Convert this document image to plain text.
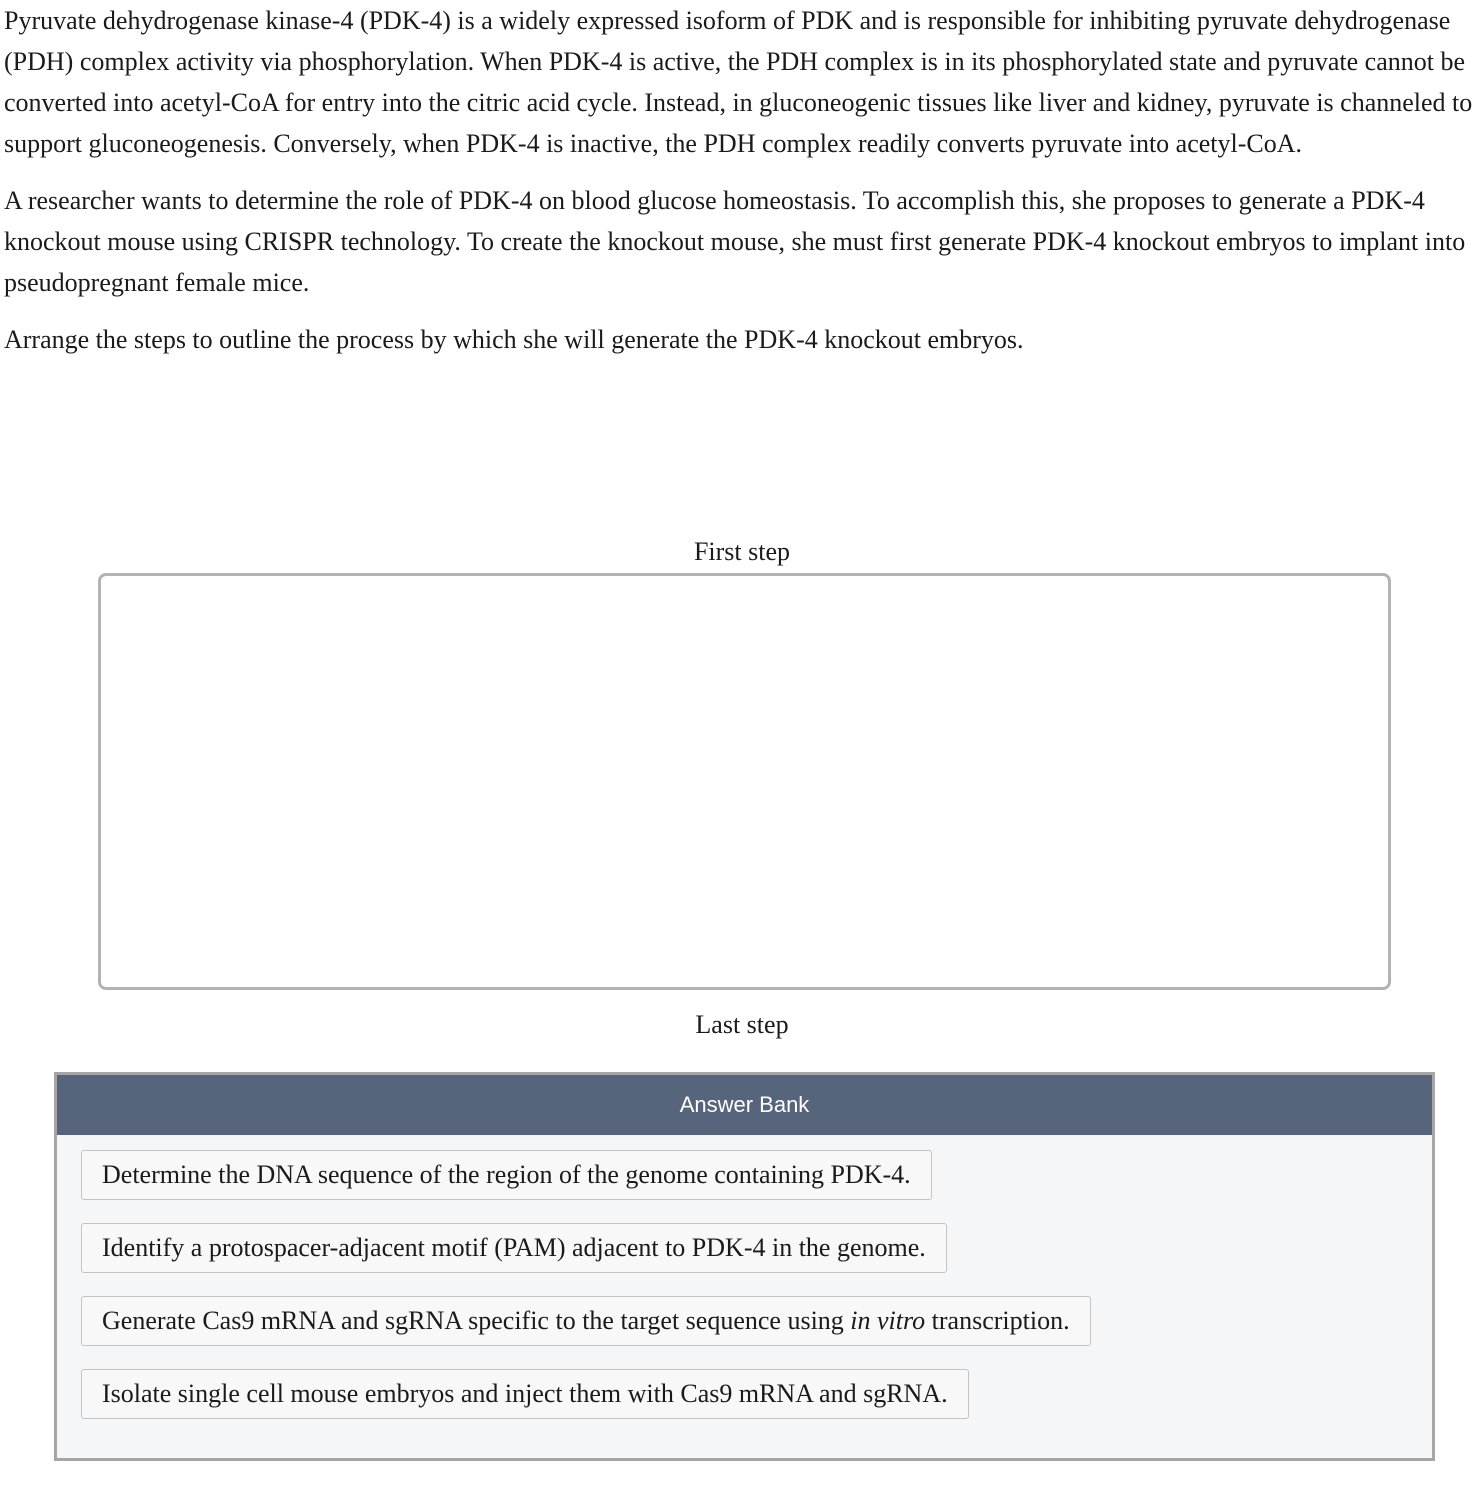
Pyruvate dehydrogenase kinase-4 (PDK-4) is a widely expressed isoform of PDK and is responsible for inhibiting pyruvate dehydrogenase (PDH) complex activity via phosphorylation. When PDK-4 is active, the PDH complex is in its phosphorylated state and pyruvate cannot be converted into acetyl-CoA for entry into the citric acid cycle. Instead, in gluconeogenic tissues like liver and kidney, pyruvate is channeled to support gluconeogenesis. Conversely, when PDK-4 is inactive, the PDH complex readily converts pyruvate into acetyl-CoA.

A researcher wants to determine the role of PDK-4 on blood glucose homeostasis. To accomplish this, she proposes to generate a PDK-4 knockout mouse using CRISPR technology. To create the knockout mouse, she must first generate PDK-4 knockout embryos to implant into pseudopregnant female mice.

Arrange the steps to outline the process by which she will generate the PDK-4 knockout embryos.

First step
Last step
Answer Bank
Determine the DNA sequence of the region of the genome containing PDK-4.
Identify a protospacer-adjacent motif (PAM) adjacent to PDK-4 in the genome.
Generate Cas9 mRNA and sgRNA specific to the target sequence using in vitro transcription.
Isolate single cell mouse embryos and inject them with Cas9 mRNA and sgRNA.
